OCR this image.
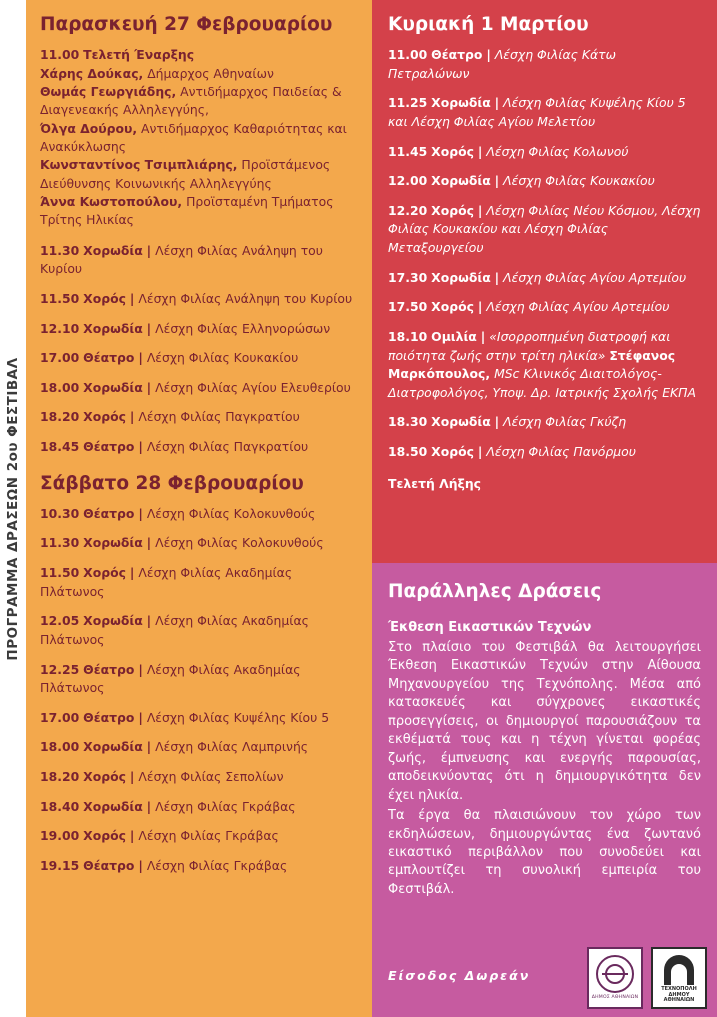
ΠΡΟΓΡΑΜΜΑ ΔΡΑΣΕΩΝ 2ου ΦΕΣΤΙΒΑΛ
Παρασκευή 27 Φεβρουαρίου
11.00 Τελετή Έναρξης
Χάρης Δούκας, Δήμαρχος Αθηναίων
Θωμάς Γεωργιάδης, Αντιδήμαρχος Παιδείας & Διαγενεακής Αλληλεγγύης,
Όλγα Δούρου, Αντιδήμαρχος Καθαριότητας και Ανακύκλωσης
Κωνσταντίνος Τσιμπλιάρης, Προϊστάμενος Διεύθυνσης Κοινωνικής Αλληλεγγύης
Άννα Κωστοπούλου, Προϊσταμένη Τμήματος Τρίτης Ηλικίας
11.30 Χορωδία | Λέσχη Φιλίας Ανάληψη του Κυρίου
11.50 Χορός | Λέσχη Φιλίας Ανάληψη του Κυρίου
12.10 Χορωδία | Λέσχη Φιλίας Ελληνορώσων
17.00 Θέατρο | Λέσχη Φιλίας Κουκακίου
18.00 Χορωδία | Λέσχη Φιλίας Αγίου Ελευθερίου
18.20 Χορός | Λέσχη Φιλίας Παγκρατίου
18.45 Θέατρο | Λέσχη Φιλίας Παγκρατίου
Σάββατο 28 Φεβρουαρίου
10.30 Θέατρο | Λέσχη Φιλίας Κολοκυνθούς
11.30 Χορωδία | Λέσχη Φιλίας Κολοκυνθούς
11.50 Χορός | Λέσχη Φιλίας Ακαδημίας Πλάτωνος
12.05 Χορωδία | Λέσχη Φιλίας Ακαδημίας Πλάτωνος
12.25 Θέατρο | Λέσχη Φιλίας Ακαδημίας Πλάτωνος
17.00 Θέατρο | Λέσχη Φιλίας Κυψέλης Κίου 5
18.00 Χορωδία | Λέσχη Φιλίας Λαμπρινής
18.20 Χορός | Λέσχη Φιλίας Σεπολίων
18.40 Χορωδία | Λέσχη Φιλίας Γκράβας
19.00 Χορός | Λέσχη Φιλίας Γκράβας
19.15 Θέατρο | Λέσχη Φιλίας Γκράβας
Κυριακή 1 Μαρτίου
11.00 Θέατρο | Λέσχη Φιλίας Κάτω Πετραλώνων
11.25 Χορωδία | Λέσχη Φιλίας Κυψέλης Κίου 5 και Λέσχη Φιλίας Αγίου Μελετίου
11.45 Χορός | Λέσχη Φιλίας Κολωνού
12.00 Χορωδία | Λέσχη Φιλίας Κουκακίου
12.20 Χορός | Λέσχη Φιλίας Νέου Κόσμου, Λέσχη Φιλίας Κουκακίου και Λέσχη Φιλίας Μεταξουργείου
17.30 Χορωδία | Λέσχη Φιλίας Αγίου Αρτεμίου
17.50 Χορός | Λέσχη Φιλίας Αγίου Αρτεμίου
18.10 Ομιλία | «Ισορροπημένη διατροφή και ποιότητα ζωής στην τρίτη ηλικία» Στέφανος Μαρκόπουλος, MSc Κλινικός Διαιτολόγος-Διατροφολόγος, Υποψ. Δρ. Ιατρικής Σχολής ΕΚΠΑ
18.30 Χορωδία | Λέσχη Φιλίας Γκύζη
18.50 Χορός | Λέσχη Φιλίας Πανόρμου
Τελετή Λήξης
Παράλληλες Δράσεις
Έκθεση Εικαστικών Τεχνών

Στο πλαίσιο του Φεστιβάλ θα λειτουργήσει Έκθεση Εικαστικών Τεχνών στην Αίθουσα Μηχανουργείου της Τεχνόπολης. Μέσα από κατασκευές και σύγχρονες εικαστικές προσεγγίσεις, οι δημιουργοί παρουσιάζουν τα εκθέματά τους και η τέχνη γίνεται φορέας ζωής, έμπνευσης και ενεργής παρουσίας, αποδεικνύοντας ότι η δημιουργικότητα δεν έχει ηλικία.

Τα έργα θα πλαισιώνουν τον χώρο των εκδηλώσεων, δημιουργώντας ένα ζωντανό εικαστικό περιβάλλον που συνοδεύει και εμπλουτίζει τη συνολική εμπειρία του Φεστιβάλ.

Είσοδος Δωρεάν
ΔΗΜΟΣ ΑΘΗΝΑΙΩΝ
ΤΕΧΝΟΠΟΛΗ ΔΗΜΟΥ ΑΘΗΝΑΙΩΝ
